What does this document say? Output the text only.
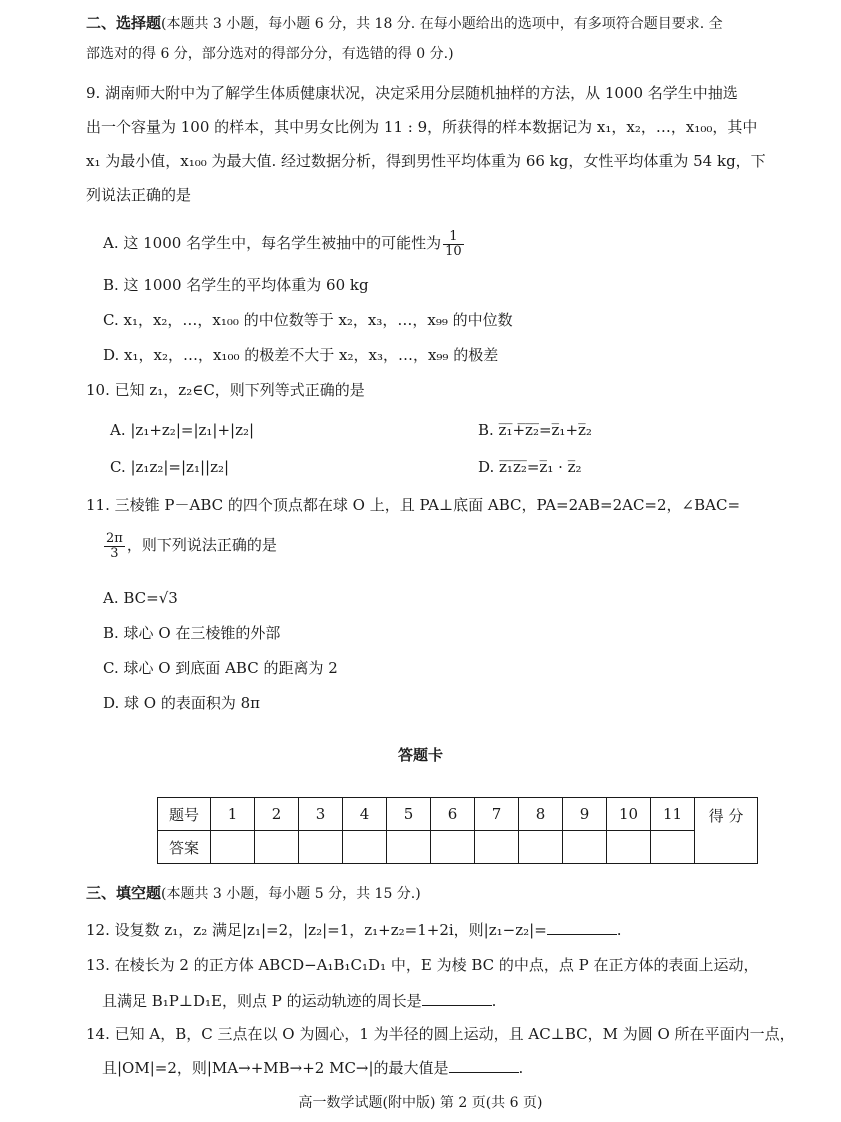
二、选择题(本题共 3 小题，每小题 6 分，共 18 分. 在每小题给出的选项中，有多项符合题目要求. 全
部选对的得 6 分，部分选对的得部分分，有选错的得 0 分.)
9. 湖南师大附中为了解学生体质健康状况，决定采用分层随机抽样的方法，从 1000 名学生中抽选
出一个容量为 100 的样本，其中男女比例为 11 : 9，所获得的样本数据记为 x₁，x₂，…，x₁₀₀，其中
x₁ 为最小值，x₁₀₀ 为最大值. 经过数据分析，得到男性平均体重为 66 kg，女性平均体重为 54 kg，下
列说法正确的是
A. 这 1000 名学生中，每名学生被抽中的可能性为 $\frac{1}{10}$
B. 这 1000 名学生的平均体重为 60 kg
C. x₁，x₂，…，x₁₀₀ 的中位数等于 x₂，x₃，…，x₉₉ 的中位数
D. x₁，x₂，…，x₁₀₀ 的极差不大于 x₂，x₃，…，x₉₉ 的极差
10. 已知 z₁，z₂∈C，则下列等式正确的是
A. |z₁+z₂|=|z₁|+|z₂|	B. z̅₁̅+̅z̅₂̅=z̅₁+z̅₂
C. |z₁z₂|=|z₁||z₂|	D. z̅₁̅z̅₂̅=z̅₁ · z̅₂
11. 三棱锥 P－ABC 的四个顶点都在球 O 上，且 PA⊥底面 ABC，PA=2AB=2AC=2，∠BAC=
$\frac{2\pi}{3}$ ，则下列说法正确的是
A. BC=√3
B. 球心 O 在三棱锥的外部
C. 球心 O 到底面 ABC 的距离为 2
D. 球 O 的表面积为 8π
答题卡
题号	1	2	3	4	5	6	7	8	9	10	11	得 分
答案												
三、填空题(本题共 3 小题，每小题 5 分，共 15 分.)
12. 设复数 z₁，z₂ 满足|z₁|=2，|z₂|=1，z₁+z₂=1+2i，则|z₁−z₂|=	.
13. 在棱长为 2 的正方体 ABCD−A₁B₁C₁D₁ 中，E 为棱 BC 的中点，点 P 在正方体的表面上运动，
且满足 B₁P⊥D₁E，则点 P 的运动轨迹的周长是	.
14. 已知 A，B，C 三点在以 O 为圆心，1 为半径的圆上运动，且 AC⊥BC，M 为圆 O 所在平面内一点，
且|OM|=2，则|MA→+MB→+2 MC→|的最大值是	.
高一数学试题(附中版) 第 2 页(共 6 页)
